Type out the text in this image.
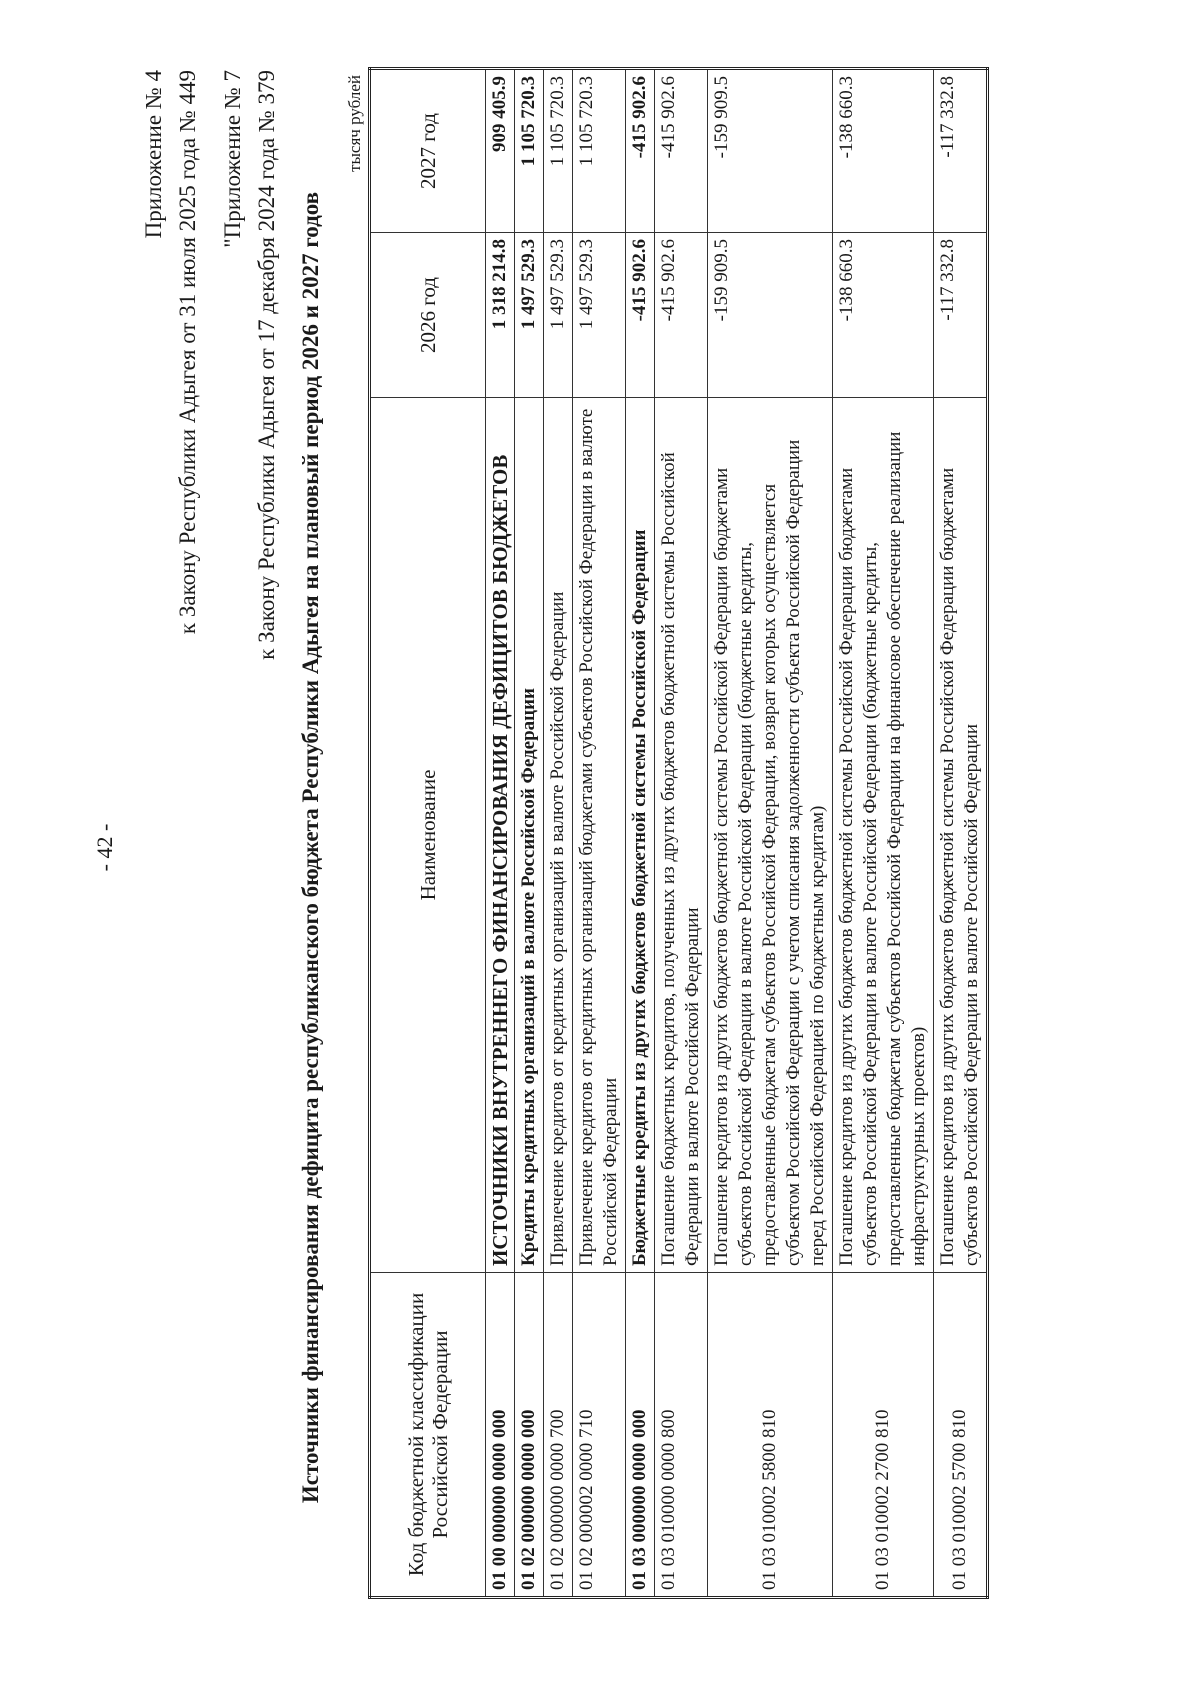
- 42 -
Приложение № 4 к Закону Республики Адыгея от 31 июля 2025 года № 449 "Приложение № 7 к Закону Республики Адыгея от 17 декабря 2024 года № 379 Источники финансирования дефицита республиканского бюджета Республики Адыгея на плановый период 2026 и 2027 годов
тысяч рублей
Код бюджетной классификации Российской Федерации	Наименование	2026 год	2027 год
01 00 000000 0000 000	ИСТОЧНИКИ ВНУТРЕННЕГО ФИНАНСИРОВАНИЯ ДЕФИЦИТОВ БЮДЖЕТОВ	1 318 214.8	909 405.9
01 02 000000 0000 000	Кредиты кредитных организаций в валюте Российской Федерации	1 497 529.3	1 105 720.3
01 02 000000 0000 700	Привлечение кредитов от кредитных организаций в валюте Российской Федерации	1 497 529.3	1 105 720.3
01 02 000002 0000 710	Привлечение кредитов от кредитных организаций бюджетами субъектов Российской Федерации в валюте Российской Федерации	1 497 529.3	1 105 720.3
01 03 000000 0000 000	Бюджетные кредиты из других бюджетов бюджетной системы Российской Федерации	-415 902.6	-415 902.6
01 03 010000 0000 800	Погашение бюджетных кредитов, полученных из других бюджетов бюджетной системы Российской Федерации в валюте Российской Федерации	-415 902.6	-415 902.6
01 03 010002 5800 810	Погашение кредитов из других бюджетов бюджетной системы Российской Федерации бюджетами субъектов Российской Федерации в валюте Российской Федерации (бюджетные кредиты, предоставленные бюджетам субъектов Российской Федерации, возврат которых осуществляется субъектом Российской Федерации с учетом списания задолженности субъекта Российской Федерации перед Российской Федерацией по бюджетным кредитам)	-159 909.5	-159 909.5
01 03 010002 2700 810	Погашение кредитов из других бюджетов бюджетной системы Российской Федерации бюджетами субъектов Российской Федерации в валюте Российской Федерации (бюджетные кредиты, предоставленные бюджетам субъектов Российской Федерации на финансовое обеспечение реализации инфраструктурных проектов)	-138 660.3	-138 660.3
01 03 010002 5700 810	Погашение кредитов из других бюджетов бюджетной системы Российской Федерации бюджетами субъектов Российской Федерации в валюте Российской Федерации	-117 332.8	-117 332.8
